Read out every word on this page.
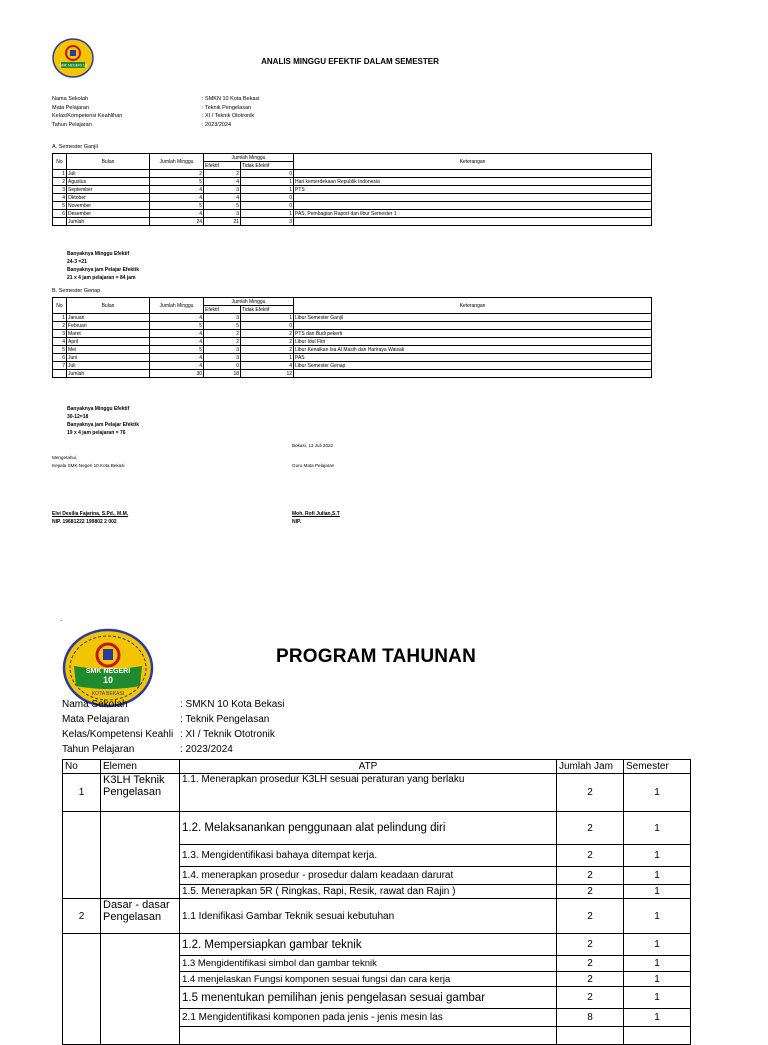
SMK NEGERI 10	ANALIS MINGGU EFEKTIF DALAM SEMESTER
Nama Sekolah	: SMKN 10 Kota Bekasi
Mata Pelajaran	: Teknik Pengelasan
Kelas/Kompetensi Keahlihan	: XI / Teknik Ototronik
Tahun Pelajaran	: 2023/2024
A. Semester Ganjil
No	Bulan	Jumlah Minggu	Jumlah Minggu		Keterangan
			Efektif	Tidak Efektif	
1	Juli	2	2	0	
2	Agustus	5	4	1	Hari kemerdekaan Republik Indonesia
3	September	4	3	1	PTS
4	Oktober	4	4	0	
5	November	5	5	0	
6	Desember	4	3	1	PAS, Pembagian Raport dan libur Semester 1
	Jumlah	24	21	3	
Banyaknya Minggu Efektif
24-3 =21
Banyaknya jam Pelajar Efektik
21 x 4 jam pelajaran = 84 jam
B. Semester Genap
No	Bulan	Jumlah Minggu	Jumlah Minggu		Keterangan
			Efektif	Tidak Efektif	
1	Januari	4	3	1	Libur Semester Ganjil
2	Februari	5	5	0	
3	Maret	4	2	2	PTS dan Budi pekerti
4	April	4	2	2	Libur Idul Fitri
5	Mei	5	3	2	Libur Kenaikan Isa Al Masih dan Hariraya Waisak
6	Juni	4	3	1	PAS
7	Juli	4	0	4	Libur Semester Genap
	Jumlah	30	18	12	
Banyaknya Minggu Efektif
30-12=18
Banyaknya jam Pelajar Efektik
19 x 4 jam pelajaran = 76
Bekasi, 13 Juli 2022
Mengetahui,
Kepala SMK Negeri 10 Kota Bekasi	Guru Mata Pelajaran
Elvi Desilia Fajarina, S.Pd., M.M.
NIP. 19681222 199802 2 002
Moh. Rofi Julian,S.T
NIP.
.
SMK NEGERI
10
KOTA BEKASI
PROGRAM TAHUNAN
Nama Sekolah	: SMKN 10 Kota Bekasi
Mata Pelajaran	: Teknik Pengelasan
Kelas/Kompetensi Keahli : XI / Teknik Ototronik
Tahun Pelajaran	: 2023/2024
No	Elemen	ATP	Jumlah Jam	Semester	
1	K3LH Teknik Pengelasan	1.1. Menerapkan prosedur K3LH sesuai peraturan yang berlaku	2	1	
		1.2. Melaksanankan penggunaan alat pelindung diri	2	1	
		1.3. Mengidentifikasi bahaya ditempat kerja.	2	1	
		1.4. menerapkan prosedur - prosedur dalam keadaan darurat	2	1	
		1.5. Menerapkan 5R ( Ringkas, Rapi, Resik, rawat dan Rajin )	2	1	
2	Dasar - dasar Pengelasan	1.1 Idenifikasi Gambar Teknik sesuai kebutuhan	2	1	
		1.2. Mempersiapkan gambar teknik	2	1	
		1.3 Mengidentifikasi simbol dan gambar teknik	2	1	
		1.4 menjelaskan Fungsi komponen sesuai fungsi dan cara kerja	2	1	
		1.5 menentukan pemilihan jenis pengelasan sesuai gambar	2	1	
		2.1 Mengidentifikasi komponen pada jenis - jenis mesin las	8	1	
